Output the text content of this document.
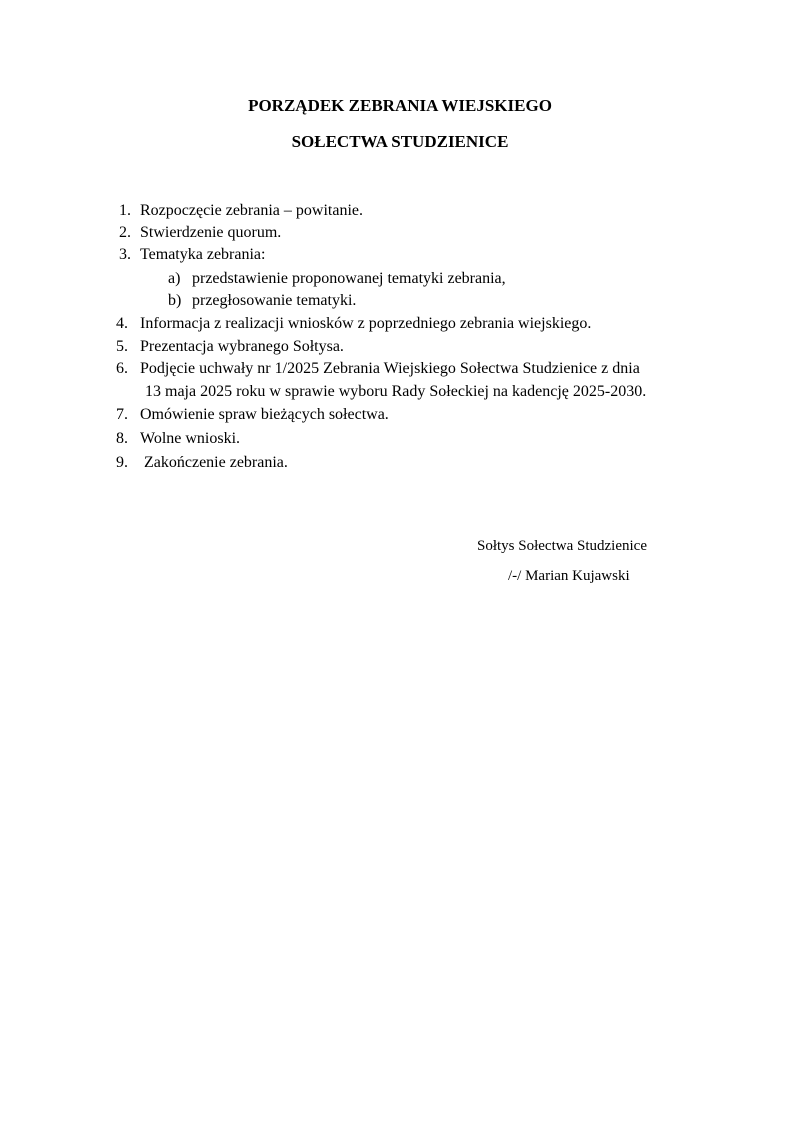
PORZĄDEK ZEBRANIA WIEJSKIEGO
SOŁECTWA STUDZIENICE
1. Rozpoczęcie zebrania – powitanie.
2. Stwierdzenie quorum.
3. Tematyka zebrania:
a) przedstawienie proponowanej tematyki zebrania,
b) przegłosowanie tematyki.
4. Informacja z realizacji wniosków z poprzedniego zebrania wiejskiego.
5. Prezentacja wybranego Sołtysa.
6. Podjęcie uchwały nr 1/2025 Zebrania Wiejskiego Sołectwa Studzienice z dnia
13 maja 2025 roku w sprawie wyboru Rady Sołeckiej na kadencję 2025-2030.
7. Omówienie spraw bieżących sołectwa.
8. Wolne wnioski.
9. Zakończenie zebrania.
Sołtys Sołectwa Studzienice
/-/ Marian Kujawski
